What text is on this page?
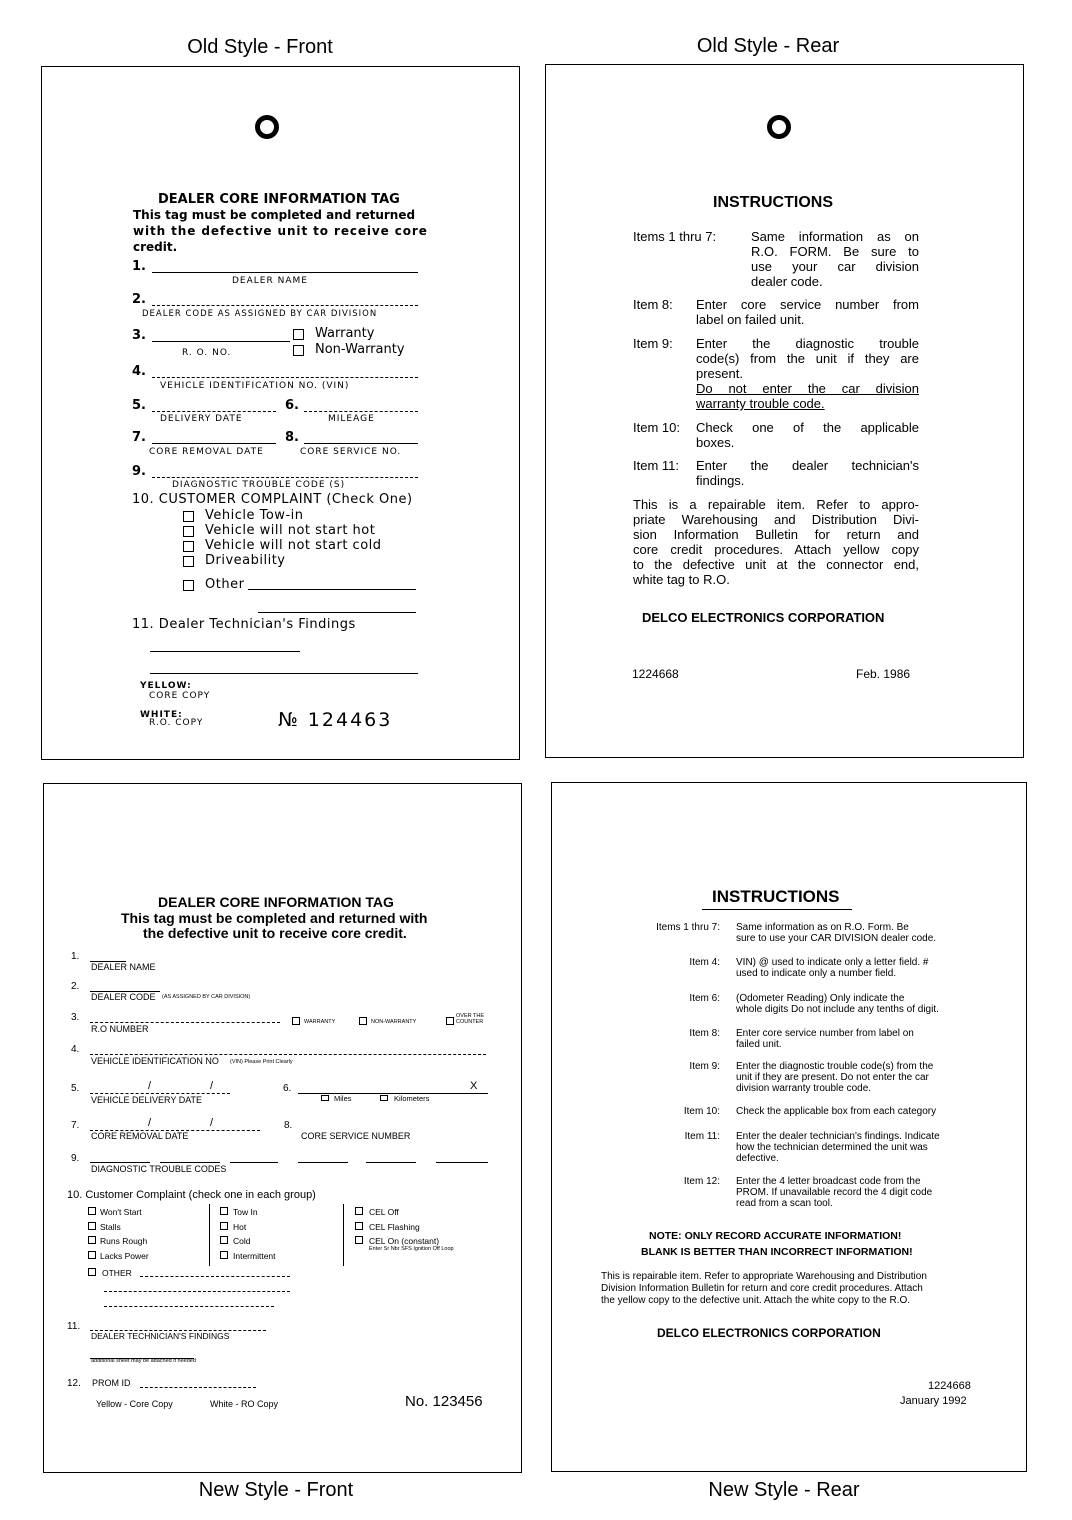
Old Style - Front	Old Style - Rear
New Style - Front	New Style - Rear
DEALER CORE INFORMATION TAG
This tag must be completed and returned
with the defective unit to receive core
credit.
1.
DEALER NAME
2.
DEALER CODE AS ASSIGNED BY CAR DIVISION
3.
R. O. NO.
Warranty
Non-Warranty
4.
VEHICLE IDENTIFICATION NO. (VIN)
5.
DELIVERY DATE
6.
MILEAGE
7.
CORE REMOVAL DATE
8.
CORE SERVICE NO.
9.
DIAGNOSTIC TROUBLE CODE (S)
10. CUSTOMER COMPLAINT (Check One)
Vehicle Tow-in
Vehicle will not start hot
Vehicle will not start cold
Driveability
Other
11. Dealer Technician's Findings
YELLOW:
CORE COPY
WHITE:
R.O. COPY	№ 124463
INSTRUCTIONS
Items 1 thru 7:	Same information as on
R.O. FORM. Be sure to
use your car division
dealer code.
Item 8: Enter core service number from
label on failed unit.
Item 9: Enter the diagnostic trouble
code(s) from the unit if they are
present.
Do not enter the car division
warranty trouble code.
Item 10: Check one of the applicable
boxes.
Item 11: Enter the dealer technician's
findings.
This is a repairable item. Refer to appro-
priate Warehousing and Distribution Divi-
sion Information Bulletin for return and
core credit procedures. Attach yellow copy
to the defective unit at the connector end,
white tag to R.O.
DELCO ELECTRONICS CORPORATION
1224668	Feb. 1986
DEALER CORE INFORMATION TAG
This tag must be completed and returned with
the defective unit to receive core credit.
1.
DEALER NAME
2.
DEALER CODE (AS ASSIGNED BY CAR DIVISION)
3.
R.O NUMBER
WARRANTY	NON-WARRANTY
OVER THE
COUNTER
4.
VEHICLE IDENTIFICATION NO (VIN) Please Print Clearly
5.	/	/
VEHICLE DELIVERY DATE
6.	X
Miles	Kilometers
7.	/	/
CORE REMOVAL DATE
8.
CORE SERVICE NUMBER
9.
DIAGNOSTIC TROUBLE CODES
10. Customer Complaint (check one in each group)
Won't Start
Stalls
Runs Rough
Lacks Power
OTHER
Tow In
Hot
Cold
Intermittent
CEL Off
CEL Flashing
CEL On (constant)
Enter Sr Nbr SFS Ignition Off Loop
11.
DEALER TECHNICIAN'S FINDINGS
additional sheet may be attached if needed
12. PROM ID
Yellow - Core Copy	White - RO Copy	No. 123456
INSTRUCTIONS
Items 1 thru 7: Same information as on R.O. Form. Be
sure to use your CAR DIVISION dealer code.
Item 4: VIN) @ used to indicate only a letter field. #
used to indicate only a number field.
Item 6: (Odometer Reading) Only indicate the
whole digits Do not include any tenths of digit.
Item 8: Enter core service number from label on
failed unit.
Item 9: Enter the diagnostic trouble code(s) from the
unit if they are present. Do not enter the car
division warranty trouble code.
Item 10: Check the applicable box from each category
Item 11: Enter the dealer technician's findings. Indicate
how the technician determined the unit was
defective.
Item 12: Enter the 4 letter broadcast code from the
PROM. If unavailable record the 4 digit code
read from a scan tool.
NOTE: ONLY RECORD ACCURATE INFORMATION!
BLANK IS BETTER THAN INCORRECT INFORMATION!
This is repairable item. Refer to appropriate Warehousing and Distribution
Division Information Bulletin for return and core credit procedures. Attach
the yellow copy to the defective unit. Attach the white copy to the R.O.
DELCO ELECTRONICS CORPORATION
1224668
January 1992
